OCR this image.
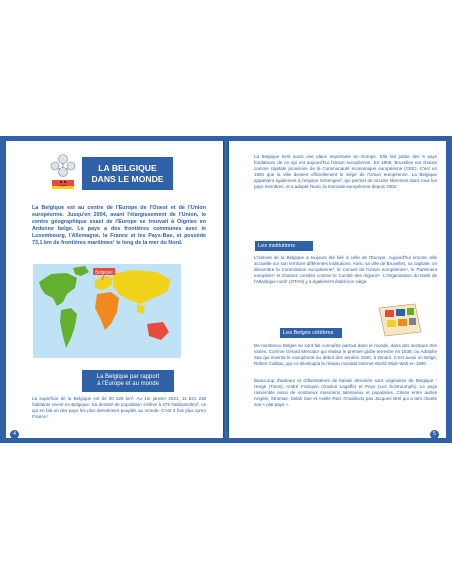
LA BELGIQUE
DANS LE MONDE

La Belgique est au centre de l'Europe de l'Ouest et de l'Union européenne. Jusqu'en 2004, avant l'élargissement de l'Union, le centre géographique exact de l'Europe se trouvait à Oignies en Ardenne belge. Le pays a des frontières communes avec le Luxembourg, l'Allemagne, la France et les Pays-Bas, et possède 73,1 km de frontières maritimes¹ le long de la mer du Nord.

Belgique
La Belgique par rapport
à l'Europe et au monde

La superficie de la Belgique est de 30 528 km². Au 1er janvier 2021, 11 521 238 habitants vivent en Belgique. Sa densité de population s'élève à 375 habitants/km², ce qui en fait un des pays les plus densément peuplés au monde. C'est 3 fois plus qu'en France !

4

La Belgique tient aussi une place importante en Europe. Elle fait partie des 6 pays fondateurs de ce qui est aujourd'hui l'Union européenne. En 1958, Bruxelles est choisie comme capitale provisoire de la Communauté économique européenne (CEE). C'est en 1993 que la ville devient officiellement le siège de l'Union européenne. La Belgique appartient également à l'espace Schengen², qui permet de circuler librement dans tous les pays membres, et a adopté l'euro, la monnaie européenne depuis 2002.

Les institutions

L'histoire de la Belgique a toujours été liée à celle de l'Europe. Aujourd'hui encore, elle accueille sur son territoire différentes institutions. Ainsi, sa ville de Bruxelles, sa capitale, on dénombre la Commission européenne³, le Conseil de l'Union européenne⁴, le Parlement européen⁵ et d'autres comités comme le Comité des régions⁶. L'Organisation du traité de l'Atlantique nord⁷ (OTAN) y a également établi son siège.

Les Belges célèbres

De nombreux Belges se sont fait connaître partout dans le monde, dans des secteurs très variés. Comme Gérard Mercator qui réalisa le premier globe terrestre en 1538, ou Adolphe Sax qui inventa le saxophone au début des années 1840, à Dinant. C'est aussi un Belge, Robert Cailliau, qui co-développa le réseau mondial Internet World Wide Web en 1990.

Beaucoup d'auteurs et d'illustrateurs de bande dessinée sont originaires de Belgique : Hergé (Tintin), André Franquin (Gaston Lagaffe) et Peyo (Les Schtroumpfs). Le pays rassemble aussi de nombreux musiciens talentueux et populaires. Citons entre autres Angèle, Stromae, Selah Sue et Axelle Red. N'oublions pas Jacques Brel qui a tant chanté son « plat pays ».

5
